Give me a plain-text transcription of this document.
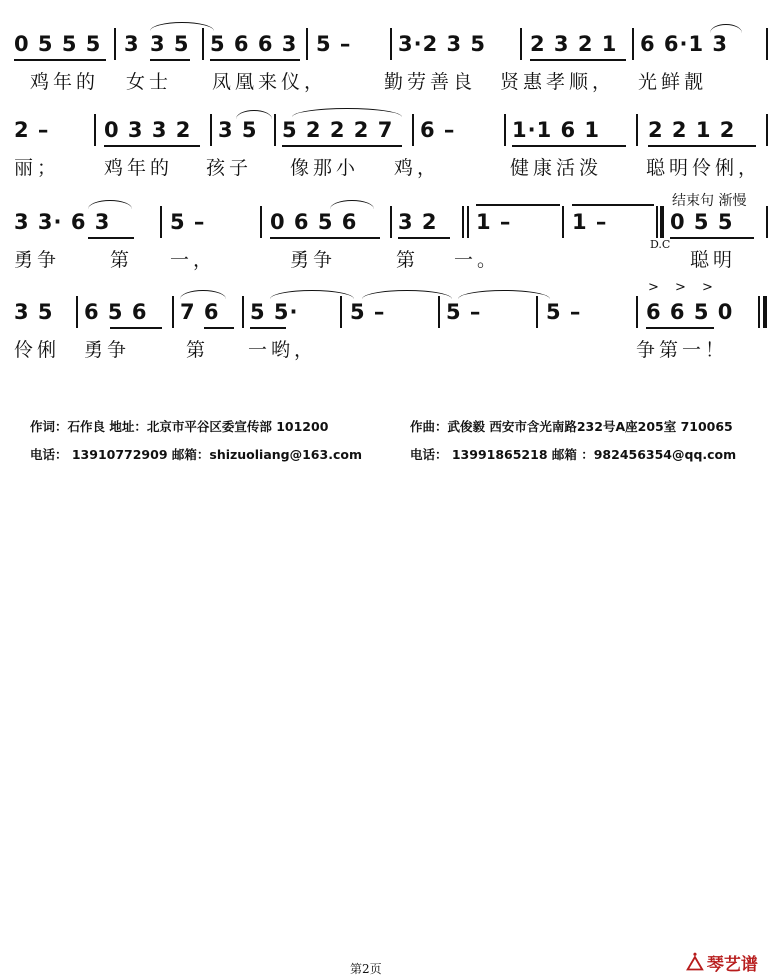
0 5 5 5 3 3 5 5 6 6 3 5 – 3·2 3 5 2 3 2 1 6 6·1 3
鸡年的 女士 凤凰来仪，	勤劳善良 贤惠孝顺， 光鲜靓
2 –	0 3 3 2 3 5 5 2 2 2 7 6 –	1·1 6 1 2 2 1 2
丽； 鸡年的 孩子 像那小 鸡，	健康活泼 聪明伶俐，
结束句 渐慢
3 3· 6 3	5 –	0 6 5 6 3 2 1 –	1 –	0 5 5
D.C
勇争	第 一，	勇争	第 一。	聪明
> > >
3 5 6 5 6 7 6 5 5· 5 –	5 –	5 –	6 6 5 0
伶俐 勇争	第 一哟，	争第一！
作词：石作良 地址：北京市平谷区委宣传部 101200
电话： 13910772909 邮箱：shizuoliang@163.com
作曲：武俊毅 西安市含光南路232号A座205室 710065
电话： 13991865218 邮箱 ：982456354@qq.com
第2页	⧊ 琴艺谱
